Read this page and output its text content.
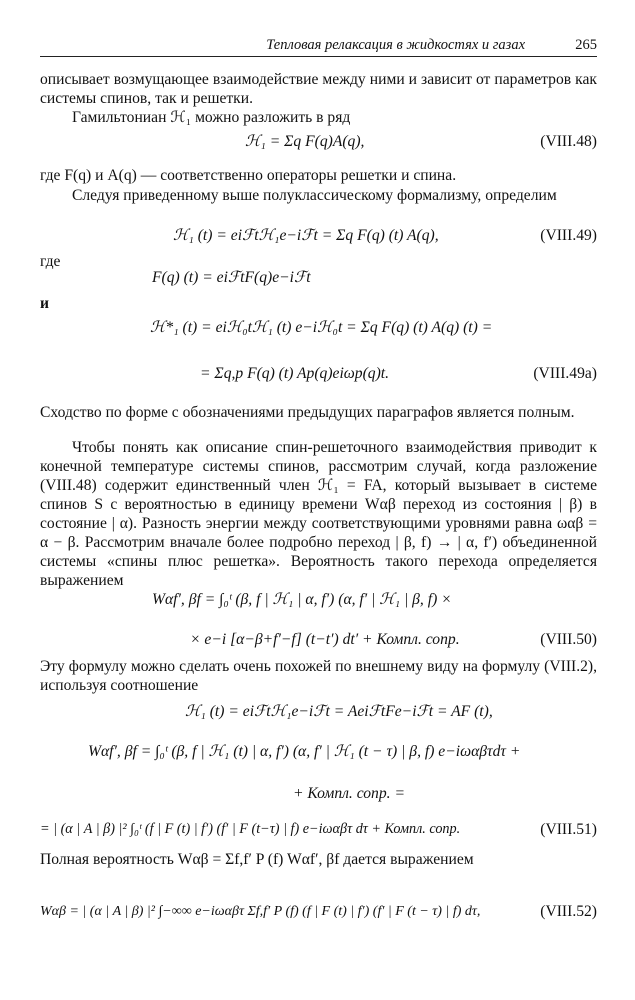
Тепловая релаксация в жидкостях и газах	265

описывает возмущающее взаимодействие между ними и зависит от параметров как системы спинов, так и решетки.

Гамильтониан ℋ₁ можно разложить в ряд

ℋ₁ = Σq F(q)A(q),	(VIII.48)

где F(q) и A(q) — соответственно операторы решетки и спина.

Следуя приведенному выше полуклассическому формализму, определим

ℋ₁ (t) = eiℱtℋ₁e−iℱt = Σq F(q) (t) A(q),	(VIII.49)
где
F(q) (t) = eiℱtF(q)e−iℱt
и
ℋ*₁ (t) = eiℋ₀tℋ₁ (t) e−iℋ₀t = Σq F(q) (t) A(q) (t) =
= Σq,p F(q) (t) Ap(q)eiωp(q)t.	(VIII.49a)

Сходство по форме с обозначениями предыдущих параграфов является полным.

Чтобы понять как описание спин-решеточного взаимодействия приводит к конечной температуре системы спинов, рассмотрим случай, когда разложение (VIII.48) содержит единственный член ℋ₁ = FA, который вызывает в системе спинов S с вероятностью в единицу времени Wαβ переход из состояния | β) в состояние | α). Разность энергии между соответствующими уровнями равна ωαβ = α − β. Рассмотрим вначале более подробно переход | β, f) → | α, f′) объединенной системы «спины плюс решетка». Вероятность такого перехода определяется выражением

Wαf′, βf = ∫₀ᵗ (β, f | ℋ₁ | α, f′) (α, f′ | ℋ₁ | β, f) ×
× e−i [α−β+f′−f] (t−t′) dt′ + Компл. сопр.	(VIII.50)

Эту формулу можно сделать очень похожей по внешнему виду на формулу (VIII.2), используя соотношение

ℋ₁ (t) = eiℱtℋ₁e−iℱt = AeiℱtFe−iℱt = AF (t),
Wαf′, βf = ∫₀ᵗ (β, f | ℋ₁ (t) | α, f′) (α, f′ | ℋ₁ (t − τ) | β, f) e−iωαβτdτ +
+ Компл. сопр. =
= | (α | A | β) |² ∫₀ᵗ (f | F (t) | f′) (f′ | F (t−τ) | f) e−iωαβτ dτ + Компл. сопр.	(VIII.51)

Полная вероятность Wαβ = Σf,f′ P (f) Wαf′, βf дается выражением

Wαβ = | (α | A | β) |² ∫−∞∞ e−iωαβτ Σf,f′ P (f) (f | F (t) | f′) (f′ | F (t − τ) | f) dτ,	(VIII.52)
